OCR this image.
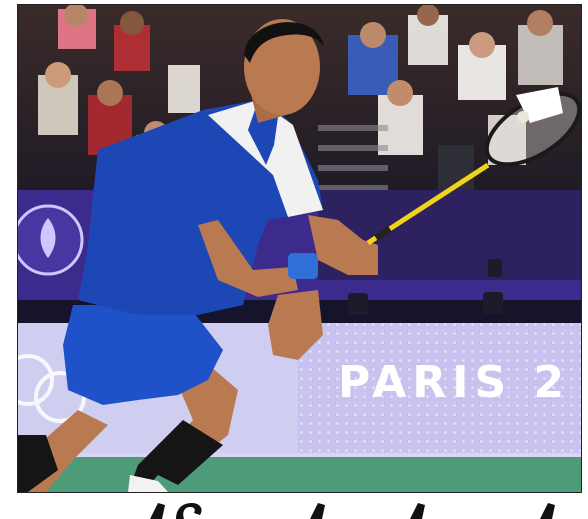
PARIS 2
